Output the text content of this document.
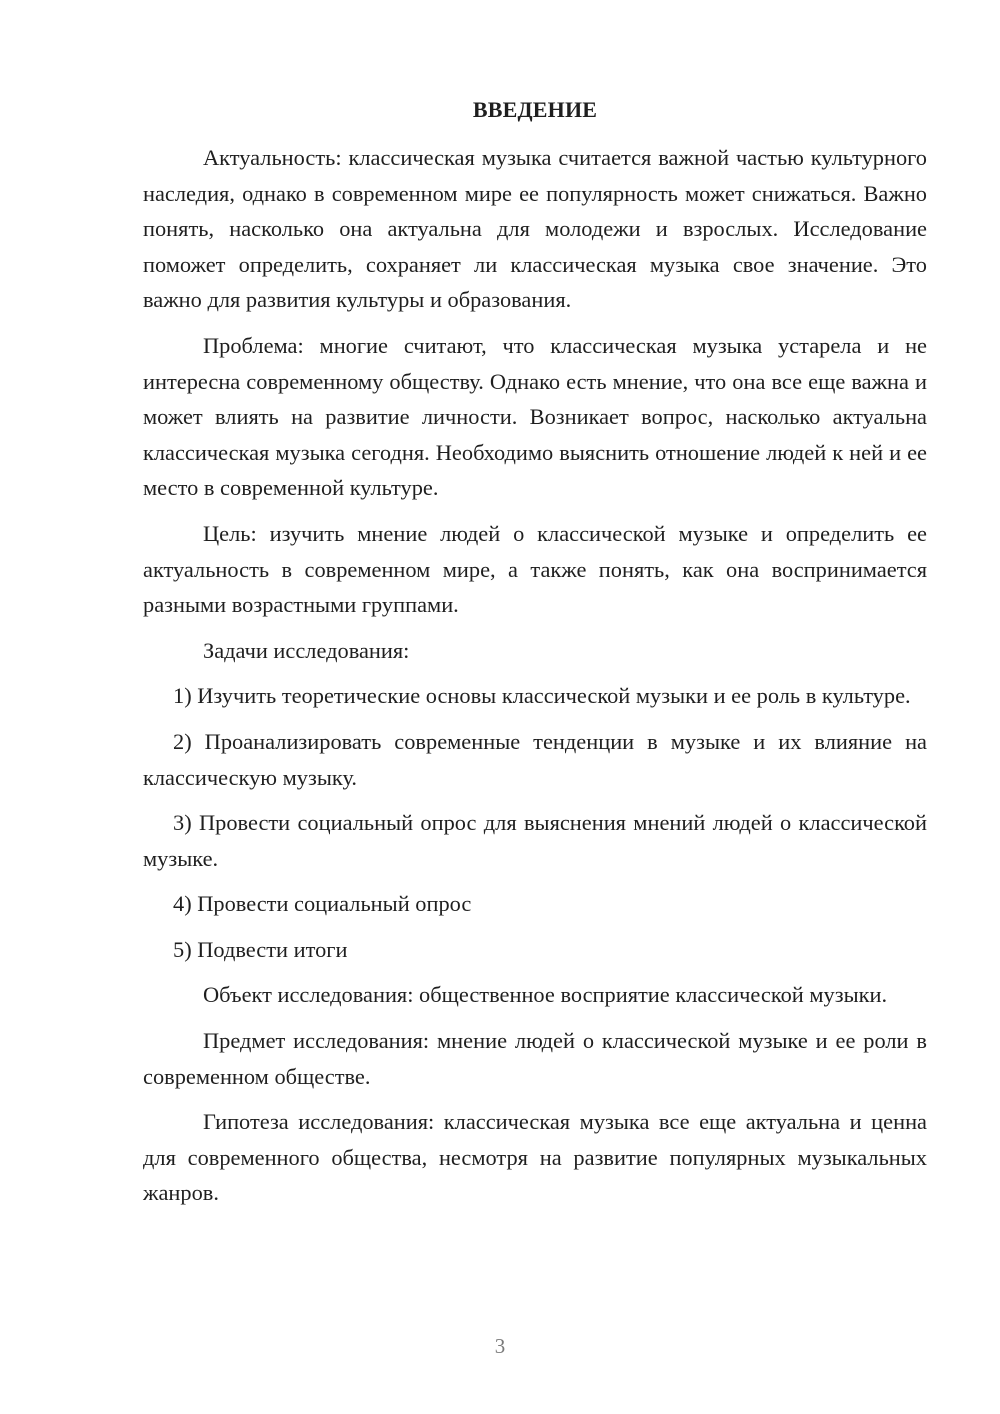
ВВЕДЕНИЕ

Актуальность: классическая музыка считается важной частью культурного наследия, однако в современном мире ее популярность может снижаться. Важно понять, насколько она актуальна для молодежи и взрослых. Исследование поможет определить, сохраняет ли классическая музыка свое значение. Это важно для развития культуры и образования.

Проблема: многие считают, что классическая музыка устарела и не интересна современному обществу. Однако есть мнение, что она все еще важна и может влиять на развитие личности. Возникает вопрос, насколько актуальна классическая музыка сегодня. Необходимо выяснить отношение людей к ней и ее место в современной культуре.

Цель: изучить мнение людей о классической музыке и определить ее актуальность в современном мире, а также понять, как она воспринимается разными возрастными группами.

Задачи исследования:

1) Изучить теоретические основы классической музыки и ее роль в культуре.

2) Проанализировать современные тенденции в музыке и их влияние на классическую музыку.

3) Провести социальный опрос для выяснения мнений людей о классической музыке.

4) Провести социальный опрос

5) Подвести итоги

Объект исследования: общественное восприятие классической музыки.

Предмет исследования: мнение людей о классической музыке и ее роли в современном обществе.

Гипотеза исследования: классическая музыка все еще актуальна и ценна для современного общества, несмотря на развитие популярных музыкальных жанров.

3
